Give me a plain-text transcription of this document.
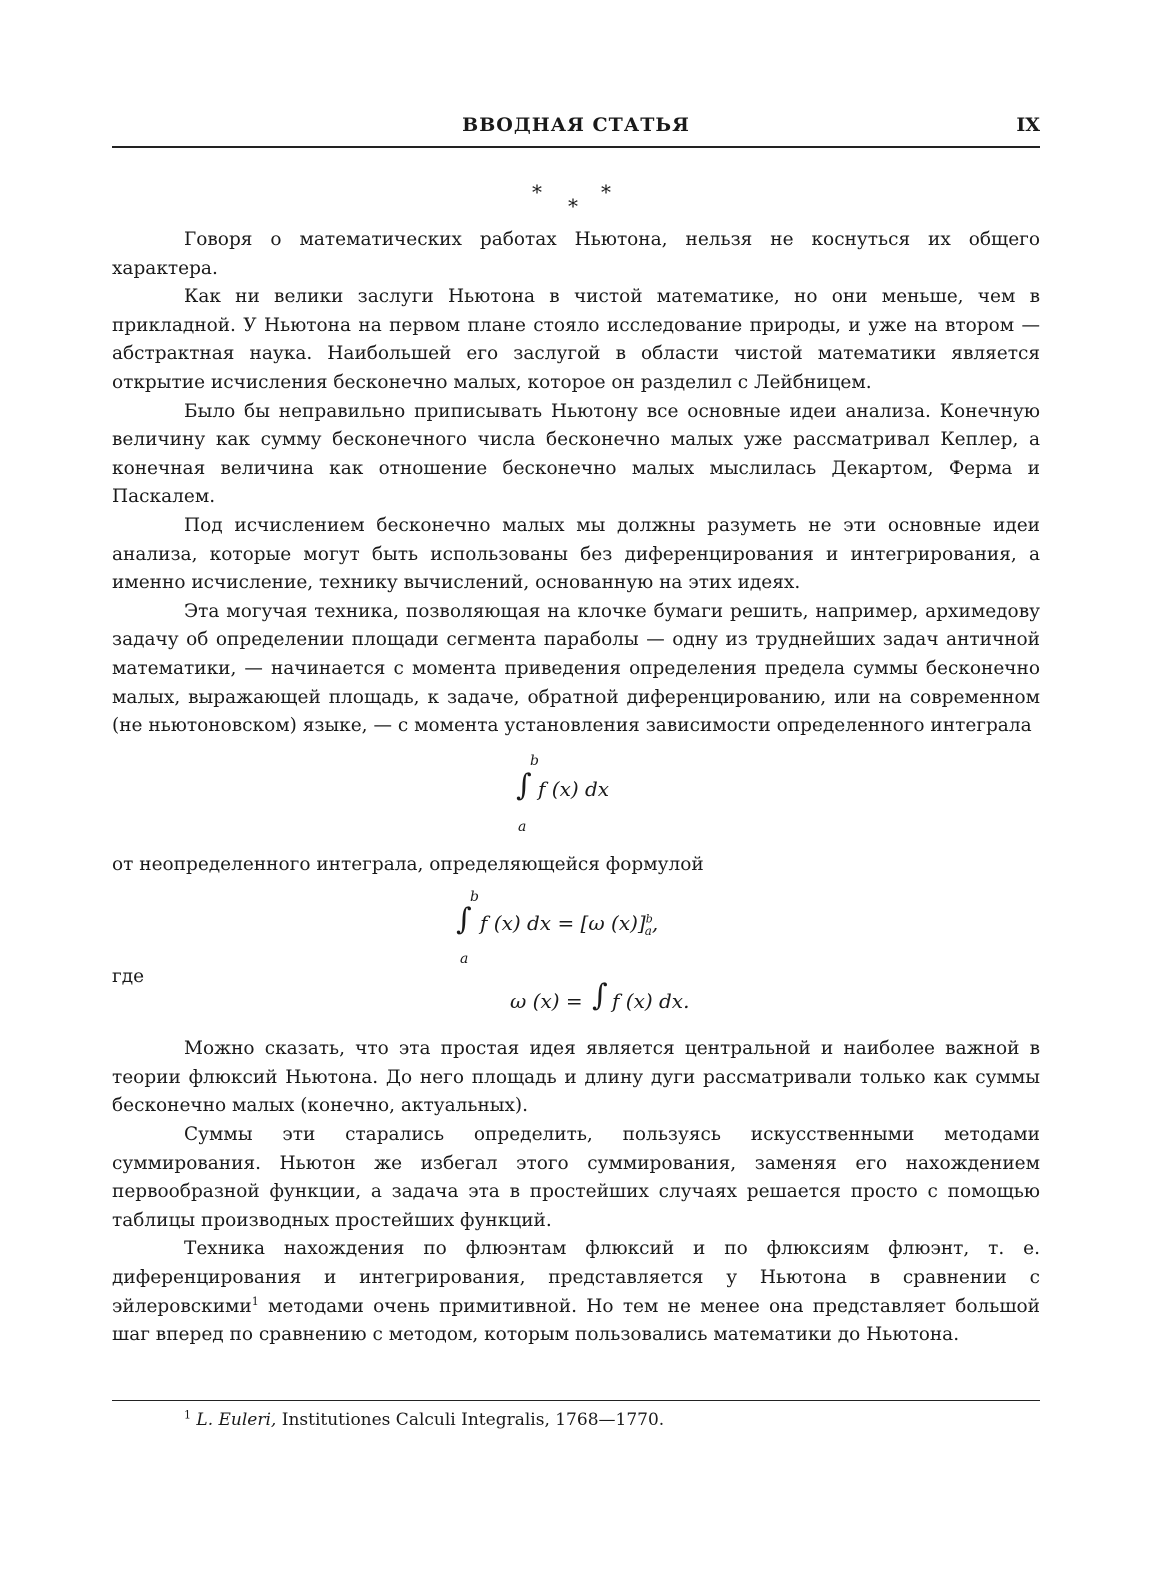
ВВОДНАЯ СТАТЬЯ	IX
*
*
*

Говоря о математических работах Ньютона, нельзя не коснуться их общего характера.

Как ни велики заслуги Ньютона в чистой математике, но они меньше, чем в прикладной. У Ньютона на первом плане стояло исследование природы, и уже на втором — абстрактная наука. Наибольшей его заслугой в области чистой математики является открытие исчисления бесконечно малых, которое он разделил с Лейбницем.

Было бы неправильно приписывать Ньютону все основные идеи анализа. Конечную величину как сумму бесконечного числа бесконечно малых уже рассматривал Кеплер, а конечная величина как отношение бесконечно малых мыслилась Декартом, Ферма и Паскалем.

Под исчислением бесконечно малых мы должны разуметь не эти основные идеи анализа, которые могут быть использованы без диференцирования и интегрирования, а именно исчисление, технику вычислений, основанную на этих идеях.

Эта могучая техника, позволяющая на клочке бумаги решить, например, архимедову задачу об определении площади сегмента параболы — одну из труднейших задач античной математики, — начинается с момента приведения определения предела суммы бесконечно малых, выражающей площадь, к задаче, обратной диференцированию, или на современном (не ньютоновском) языке, — с момента установления зависимости определенного интеграла

b
∫
a
f (x) dx

от неопределенного интеграла, определяющейся формулой

b
∫
a
f (x) dx = [ω (x)]$^b_a$,
где
ω (x) = ∫ f (x) dx.

Можно сказать, что эта простая идея является центральной и наиболее важной в теории флюксий Ньютона. До него площадь и длину дуги рассматривали только как суммы бесконечно малых (конечно, актуальных).

Суммы эти старались определить, пользуясь искусственными методами суммирования. Ньютон же избегал этого суммирования, заменяя его нахождением первообразной функции, а задача эта в простейших случаях решается просто с помощью таблицы производных простейших функций.

Техника нахождения по флюэнтам флюксий и по флюксиям флюэнт, т. е. диференцирования и интегрирования, представляется у Ньютона в сравнении с эйлеровскими$^1$ методами очень примитивной. Но тем не менее она представляет большой шаг вперед по сравнению с методом, которым пользовались математики до Ньютона.

$^1$ L. Euleri, Institutiones Calculi Integralis, 1768—1770.
